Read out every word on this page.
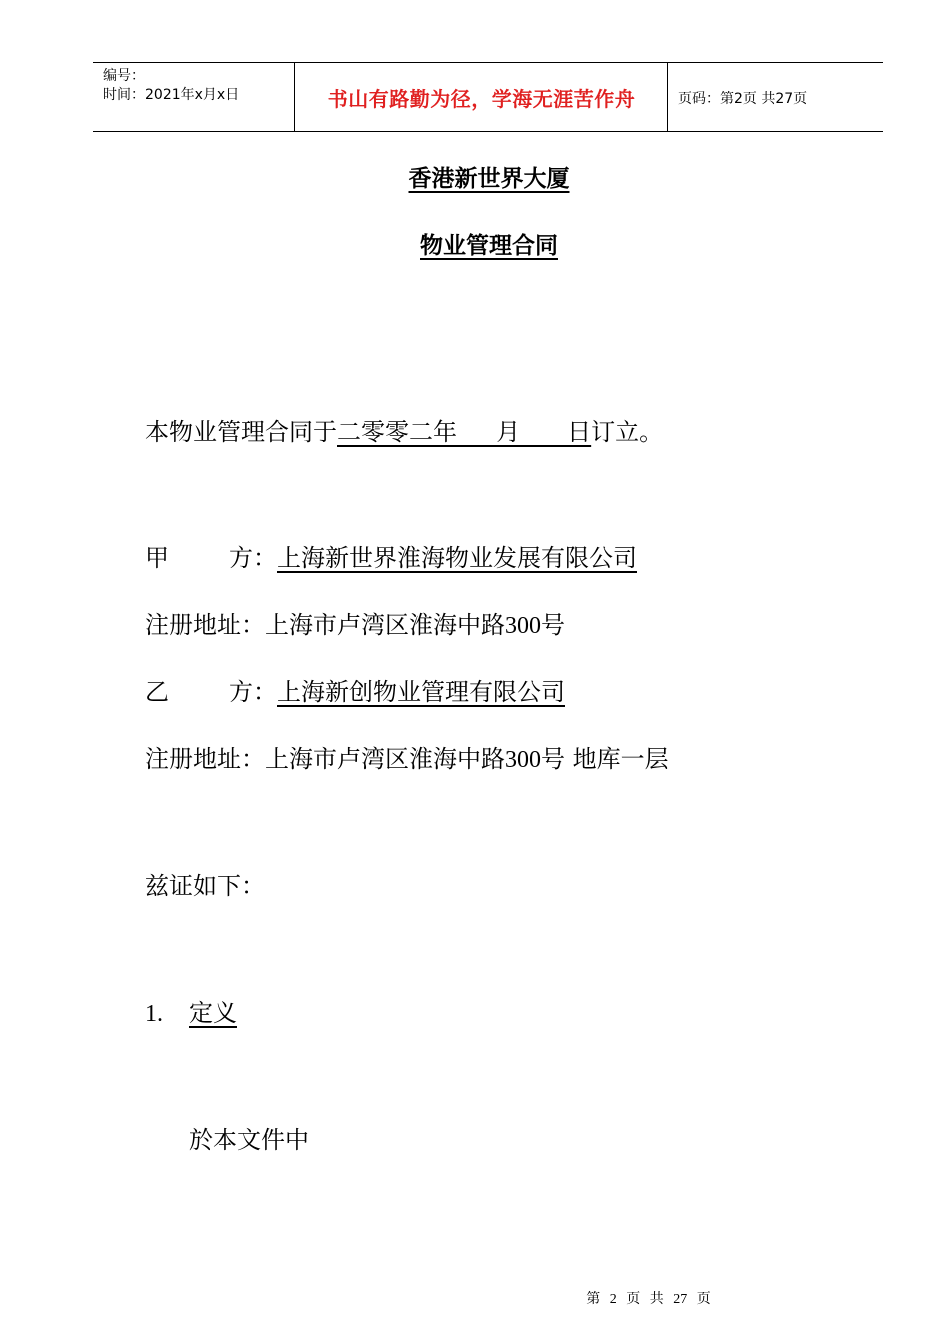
编号：
时间：2021年x月x日	书山有路勤为径，学海无涯苦作舟	页码：第2页 共27页
香港新世界大厦
物业管理合同
本物业管理合同于二零零二年　  月　   日订立。
甲	方：上海新世界淮海物业发展有限公司
注册地址：上海市卢湾区淮海中路300号
乙	方：上海新创物业管理有限公司
注册地址：上海市卢湾区淮海中路300号 地库一层
兹证如下：
1. 定义
於本文件中
第 2 页 共 27 页
